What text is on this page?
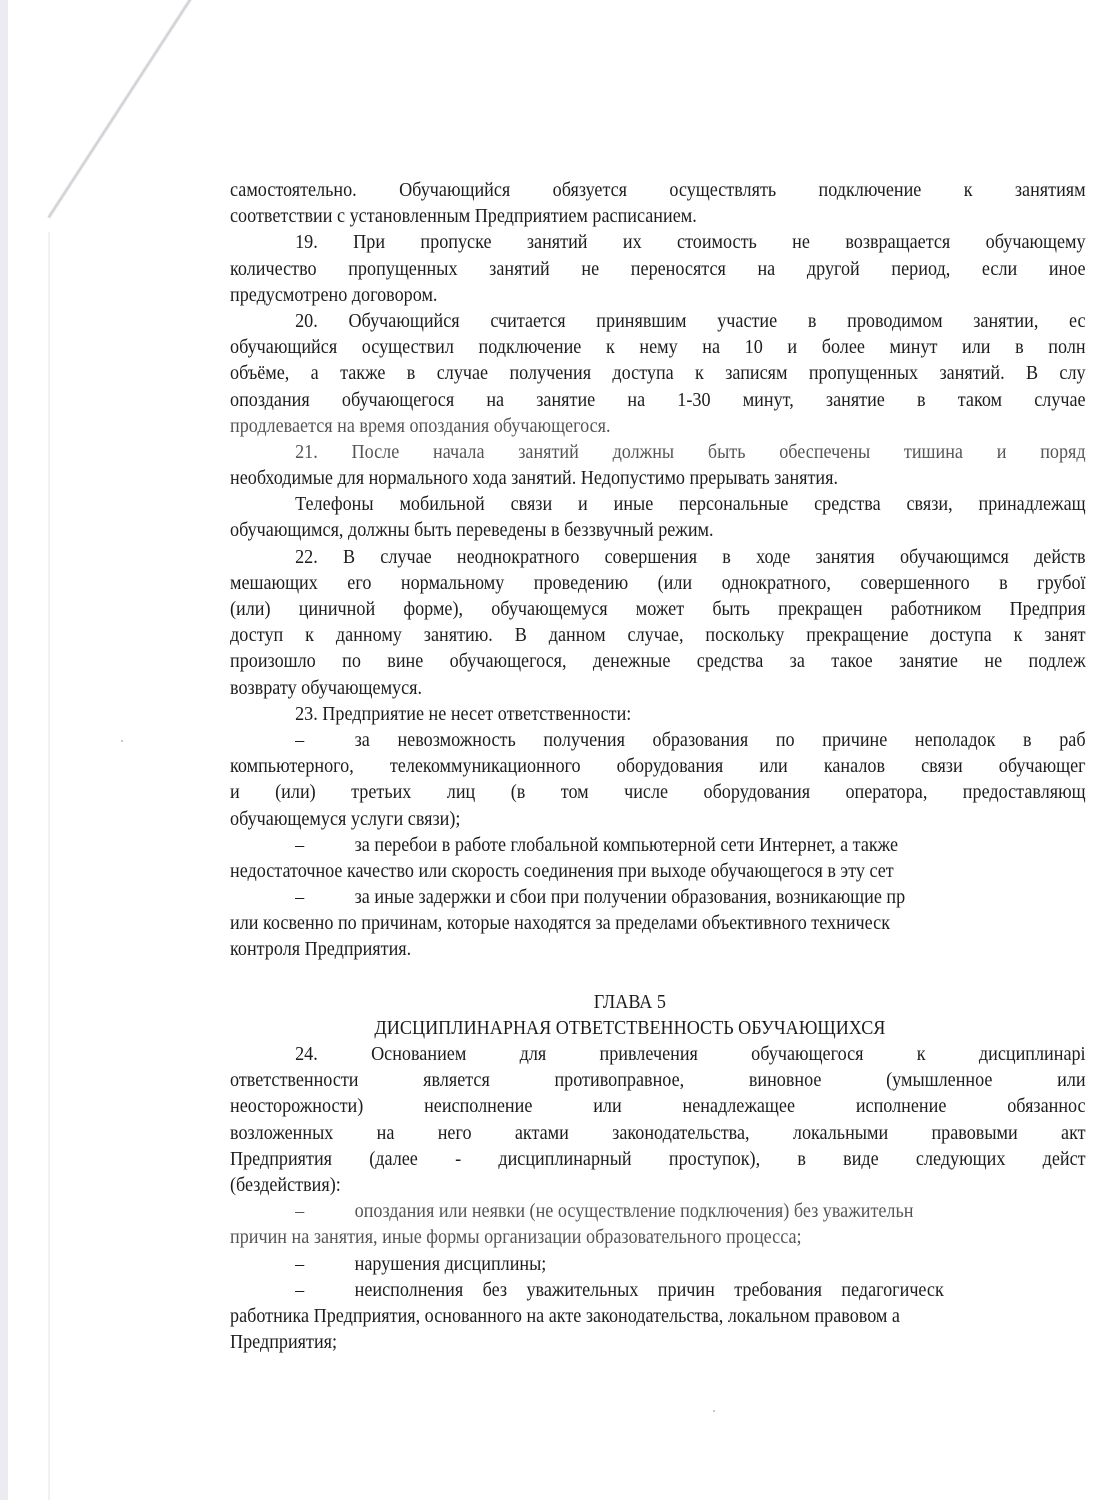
самостоятельно. Обучающийся обязуется осуществлять подключение к занятиям
соответствии с установленным Предприятием расписанием.
19. При пропуске занятий их стоимость не возвращается обучающему
количество пропущенных занятий не переносятся на другой период, если иное
предусмотрено договором.
20. Обучающийся считается принявшим участие в проводимом занятии, ес
обучающийся осуществил подключение к нему на 10 и более минут или в полн
объёме, а также в случае получения доступа к записям пропущенных занятий. В слу
опоздания обучающегося на занятие на 1-30 минут, занятие в таком случае
продлевается на время опоздания обучающегося.
21. После начала занятий должны быть обеспечены тишина и поряд
необходимые для нормального хода занятий. Недопустимо прерывать занятия.
Телефоны мобильной связи и иные персональные средства связи, принадлежащ
обучающимся, должны быть переведены в беззвучный режим.
22. В случае неоднократного совершения в ходе занятия обучающимся действ
мешающих его нормальному проведению (или однократного, совершенного в грубої
(или) циничной форме), обучающемуся может быть прекращен работником Предприя
доступ к данному занятию. В данном случае, поскольку прекращение доступа к занят
произошло по вине обучающегося, денежные средства за такое занятие не подлеж
возврату обучающемуся.
23. Предприятие не несет ответственности:
–	за невозможность получения образования по причине неполадок в раб
компьютерного, телекоммуникационного оборудования или каналов связи обучающег
и (или) третьих лиц (в том числе оборудования оператора, предоставляющ
обучающемуся услуги связи);
–	за перебои в работе глобальной компьютерной сети Интернет, а также
недостаточное качество или скорость соединения при выходе обучающегося в эту сет
–	за иные задержки и сбои при получении образования, возникающие пр
или косвенно по причинам, которые находятся за пределами объективного техническ
контроля Предприятия.
ГЛАВА 5
ДИСЦИПЛИНАРНАЯ ОТВЕТСТВЕННОСТЬ ОБУЧАЮЩИХСЯ
24. Основанием для привлечения обучающегося к дисциплинарі
ответственности является противоправное, виновное (умышленное или
неосторожности) неисполнение или ненадлежащее исполнение обязаннос
возложенных на него актами законодательства, локальными правовыми акт
Предприятия (далее - дисциплинарный проступок), в виде следующих дейст
(бездействия):
–	опоздания или неявки (не осуществление подключения) без уважительн
причин на занятия, иные формы организации образовательного процесса;
–	нарушения дисциплины;
–	неисполнения без уважительных причин требования педагогическ
работника Предприятия, основанного на акте законодательства, локальном правовом а
Предприятия;
